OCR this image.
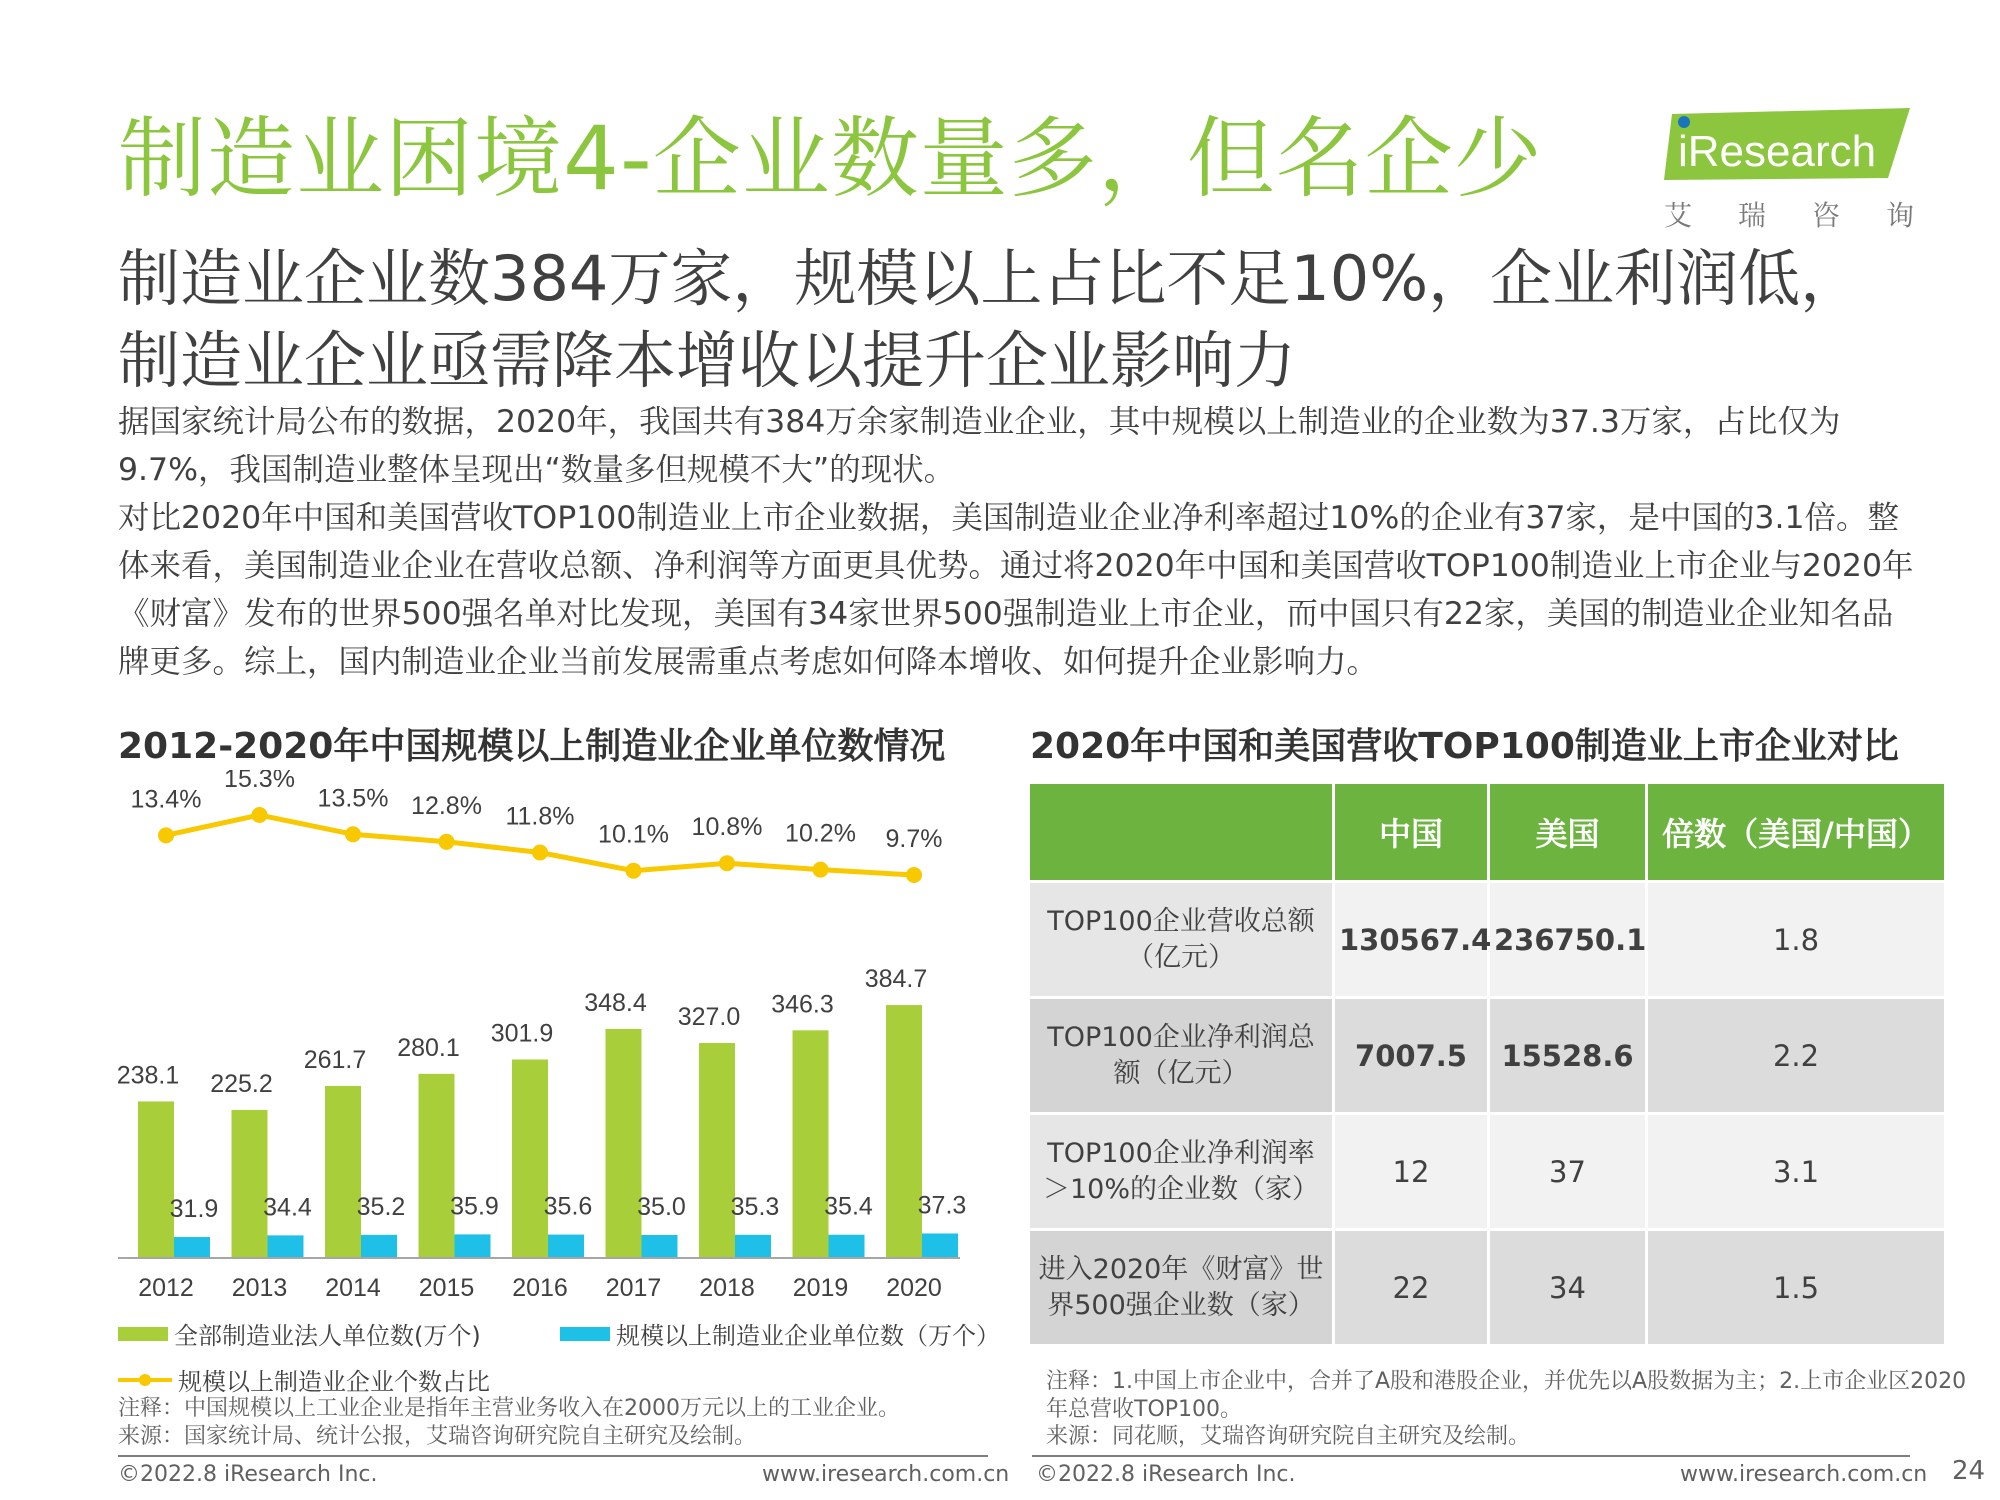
制造业困境4-企业数量多，但名企少	iResearch
艾 瑞 咨 询
制造业企业数384万家，规模以上占比不足10%，企业利润低，制造业企业亟需降本增收以提升企业影响力

据国家统计局公布的数据，2020年，我国共有384万余家制造业企业，其中规模以上制造业的企业数为37.3万家，占比仅为9.7%，我国制造业整体呈现出“数量多但规模不大”的现状。

对比2020年中国和美国营收TOP100制造业上市企业数据，美国制造业企业净利率超过10%的企业有37家，是中国的3.1倍。整体来看，美国制造业企业在营收总额、净利润等方面更具优势。通过将2020年中国和美国营收TOP100制造业上市企业与2020年《财富》发布的世界500强名单对比发现，美国有34家世界500强制造业上市企业，而中国只有22家，美国的制造业企业知名品牌更多。综上，国内制造业企业当前发展需重点考虑如何降本增收、如何提升企业影响力。

2012-2020年中国规模以上制造业企业单位数情况
238.1
31.9
225.2
34.4
261.7
35.2
280.1
35.9
301.9
35.6
348.4
35.0
327.0
35.3
346.3
35.4
384.7
37.3
13.4%
15.3%
13.5% 12.8% 11.8%
10.1% 10.8% 10.2% 9.7%
2012 2013 2014 2015 2016 2017 2018 2019 2020
全部制造业法人单位数(万个)	规模以上制造业企业单位数（万个）
规模以上制造业企业个数占比
注释：中国规模以上工业企业是指年主营业务收入在2000万元以上的工业企业。
来源：国家统计局、统计公报，艾瑞咨询研究院自主研究及绘制。
2020年中国和美国营收TOP100制造业上市企业对比
	中国	美国	倍数（美国/中国）
TOP100企业营收总额（亿元）	130567.4	236750.1	1.8
TOP100企业净利润总额（亿元）	7007.5	15528.6	2.2
TOP100企业净利润率＞10%的企业数（家）	12	37	3.1
进入2020年《财富》世界500强企业数（家）	22	34	1.5
注释：1.中国上市企业中，合并了A股和港股企业，并优先以A股数据为主；2.上市企业区2020年总营收TOP100。
来源：同花顺，艾瑞咨询研究院自主研究及绘制。
©2022.8 iResearch Inc.	www.iresearch.com.cn ©2022.8 iResearch Inc.	www.iresearch.com.cn 24
